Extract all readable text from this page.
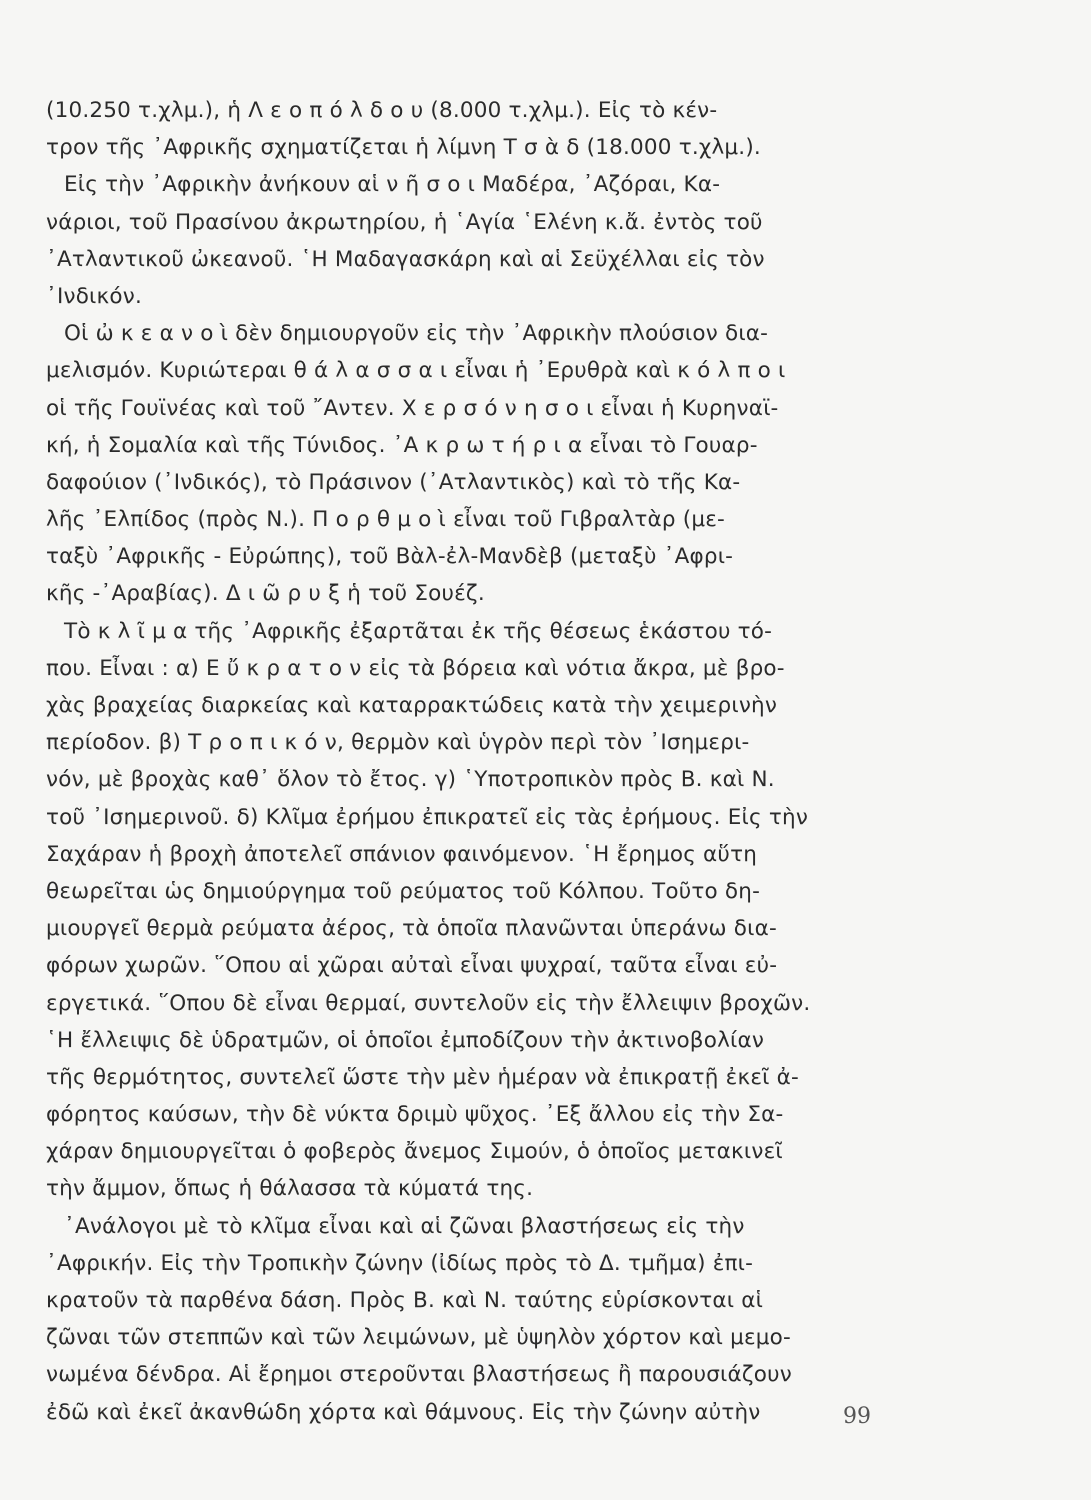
(10.250 τ.χλμ.), ἡ Λ ε ο π ό λ δ ο υ (8.000 τ.χλμ.). Εἰς τὸ κέν-
τρον τῆς ᾿Αφρικῆς σχηματίζεται ἡ λίμνη Τ σ ὰ δ (18.000 τ.χλμ.).
Εἰς τὴν ᾿Αφρικὴν ἀνήκουν αἱ ν ῆ σ ο ι Μαδέρα, ᾿Αζόραι, Κα-
νάριοι, τοῦ Πρασίνου ἀκρωτηρίου, ἡ ῾Αγία ῾Ελένη κ.ἄ. ἐντὸς τοῦ
᾿Ατλαντικοῦ ὠκεανοῦ. ῾Η Μαδαγασκάρη καὶ αἱ Σεϋχέλλαι εἰς τὸν
᾿Ινδικόν.
Οἱ ὠ κ ε α ν ο ὶ δὲν δημιουργοῦν εἰς τὴν ᾿Αφρικὴν πλούσιον δια-
μελισμόν. Κυριώτεραι θ ά λ α σ σ α ι εἶναι ἡ ᾿Ερυθρὰ καὶ κ ό λ π ο ι
οἱ τῆς Γουϊνέας καὶ τοῦ ῎Αντεν. Χ ε ρ σ ό ν η σ ο ι εἶναι ἡ Κυρηναϊ-
κή, ἡ Σομαλία καὶ τῆς Τύνιδος. ᾿Α κ ρ ω τ ή ρ ι α εἶναι τὸ Γουαρ-
δαφούιον (᾿Ινδικός), τὸ Πράσινον (᾿Ατλαντικὸς) καὶ τὸ τῆς Κα-
λῆς ᾿Ελπίδος (πρὸς Ν.). Π ο ρ θ μ ο ὶ εἶναι τοῦ Γιβραλτὰρ (με-
ταξὺ ᾿Αφρικῆς - Εὐρώπης), τοῦ Βὰλ-ἐλ-Μανδὲβ (μεταξὺ ᾿Αφρι-
κῆς -᾿Αραβίας). Δ ι ῶ ρ υ ξ ἡ τοῦ Σουέζ.
Τὸ κ λ ῖ μ α τῆς ᾿Αφρικῆς ἐξαρτᾶται ἐκ τῆς θέσεως ἑκάστου τό-
που. Εἶναι : α) Ε ὔ κ ρ α τ ο ν εἰς τὰ βόρεια καὶ νότια ἄκρα, μὲ βρο-
χὰς βραχείας διαρκείας καὶ καταρρακτώδεις κατὰ τὴν χειμερινὴν
περίοδον. β) Τ ρ ο π ι κ ό ν, θερμὸν καὶ ὑγρὸν περὶ τὸν ᾿Ισημερι-
νόν, μὲ βροχὰς καθ᾿ ὅλον τὸ ἔτος. γ) ῾Υποτροπικὸν πρὸς Β. καὶ Ν.
τοῦ ᾿Ισημερινοῦ. δ) Κλῖμα ἐρήμου ἐπικρατεῖ εἰς τὰς ἐρήμους. Εἰς τὴν
Σαχάραν ἡ βροχὴ ἀποτελεῖ σπάνιον φαινόμενον. ῾Η ἔρημος αὕτη
θεωρεῖται ὡς δημιούργημα τοῦ ρεύματος τοῦ Κόλπου. Τοῦτο δη-
μιουργεῖ θερμὰ ρεύματα ἀέρος, τὰ ὁποῖα πλανῶνται ὑπεράνω δια-
φόρων χωρῶν. ῞Οπου αἱ χῶραι αὐταὶ εἶναι ψυχραί, ταῦτα εἶναι εὐ-
εργετικά. ῞Οπου δὲ εἶναι θερμαί, συντελοῦν εἰς τὴν ἔλλειψιν βροχῶν.
῾Η ἔλλειψις δὲ ὑδρατμῶν, οἱ ὁποῖοι ἐμποδίζουν τὴν ἀκτινοβολίαν
τῆς θερμότητος, συντελεῖ ὥστε τὴν μὲν ἡμέραν νὰ ἐπικρατῇ ἐκεῖ ἀ-
φόρητος καύσων, τὴν δὲ νύκτα δριμὺ ψῦχος. ᾿Εξ ἄλλου εἰς τὴν Σα-
χάραν δημιουργεῖται ὁ φοβερὸς ἄνεμος Σιμούν, ὁ ὁποῖος μετακινεῖ
τὴν ἄμμον, ὅπως ἡ θάλασσα τὰ κύματά της.
᾿Ανάλογοι μὲ τὸ κλῖμα εἶναι καὶ αἱ ζῶναι βλαστήσεως εἰς τὴν
᾿Αφρικήν. Εἰς τὴν Τροπικὴν ζώνην (ἰδίως πρὸς τὸ Δ. τμῆμα) ἐπι-
κρατοῦν τὰ παρθένα δάση. Πρὸς Β. καὶ Ν. ταύτης εὑρίσκονται αἱ
ζῶναι τῶν στεππῶν καὶ τῶν λειμώνων, μὲ ὑψηλὸν χόρτον καὶ μεμο-
νωμένα δένδρα. Αἱ ἔρημοι στεροῦνται βλαστήσεως ἢ παρουσιάζουν
ἐδῶ καὶ ἐκεῖ ἀκανθώδη χόρτα καὶ θάμνους. Εἰς τὴν ζώνην αὐτὴν	99
